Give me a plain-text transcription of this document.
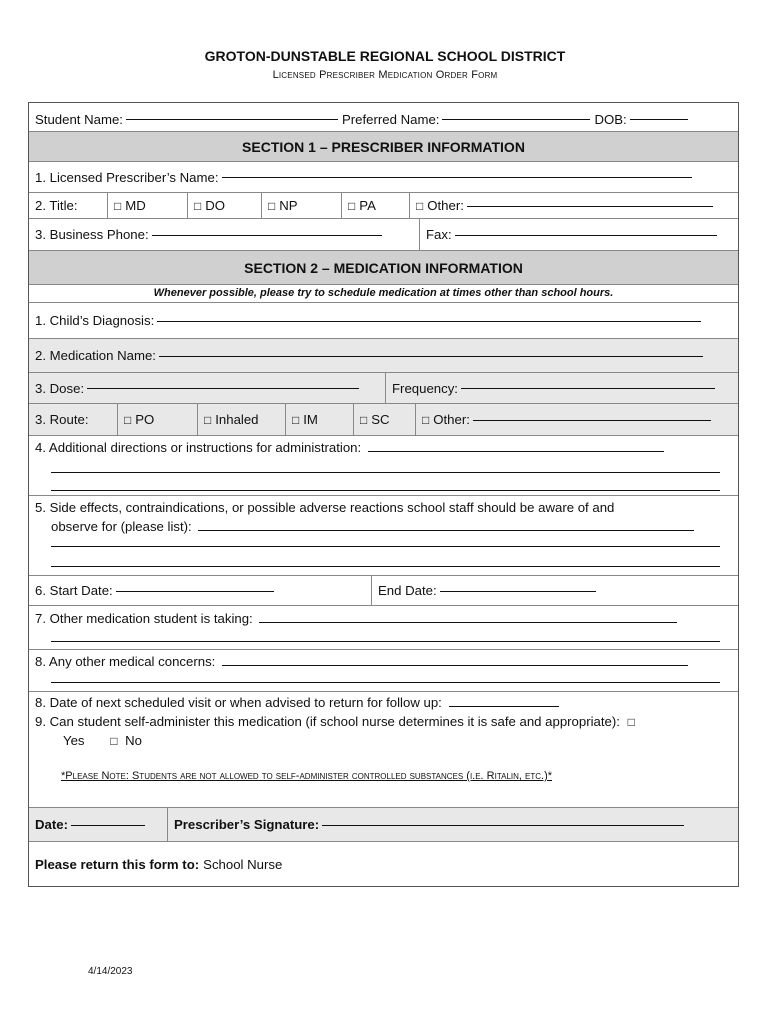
GROTON-DUNSTABLE REGIONAL SCHOOL DISTRICT
Licensed Prescriber Medication Order Form
Student Name:	Preferred Name:	DOB:
SECTION 1 – PRESCRIBER INFORMATION
1. Licensed Prescriber’s Name:
2. Title:	□ MD	□ DO	□ NP	□ PA	□ Other:
3. Business Phone:	Fax:
SECTION 2 – MEDICATION INFORMATION
Whenever possible, please try to schedule medication at times other than school hours.
1. Child’s Diagnosis:
2. Medication Name:
3. Dose:	Frequency:
3. Route:	□ PO	□ Inhaled	□ IM	□ SC	□ Other:
4. Additional directions or instructions for administration:
5. Side effects, contraindications, or possible adverse reactions school staff should be aware of and
observe for (please list):
6. Start Date:	End Date:
7. Other medication student is taking:
8. Any other medical concerns:
8. Date of next scheduled visit or when advised to return for follow up:
9. Can student self-administer this medication (if school nurse determines it is safe and appropriate): □
Yes □ No
*Please Note: Students are not allowed to self-administer controlled substances (i.e. Ritalin, etc.)*
Date:	Prescriber’s Signature:
Please return this form to: School Nurse
4/14/2023
